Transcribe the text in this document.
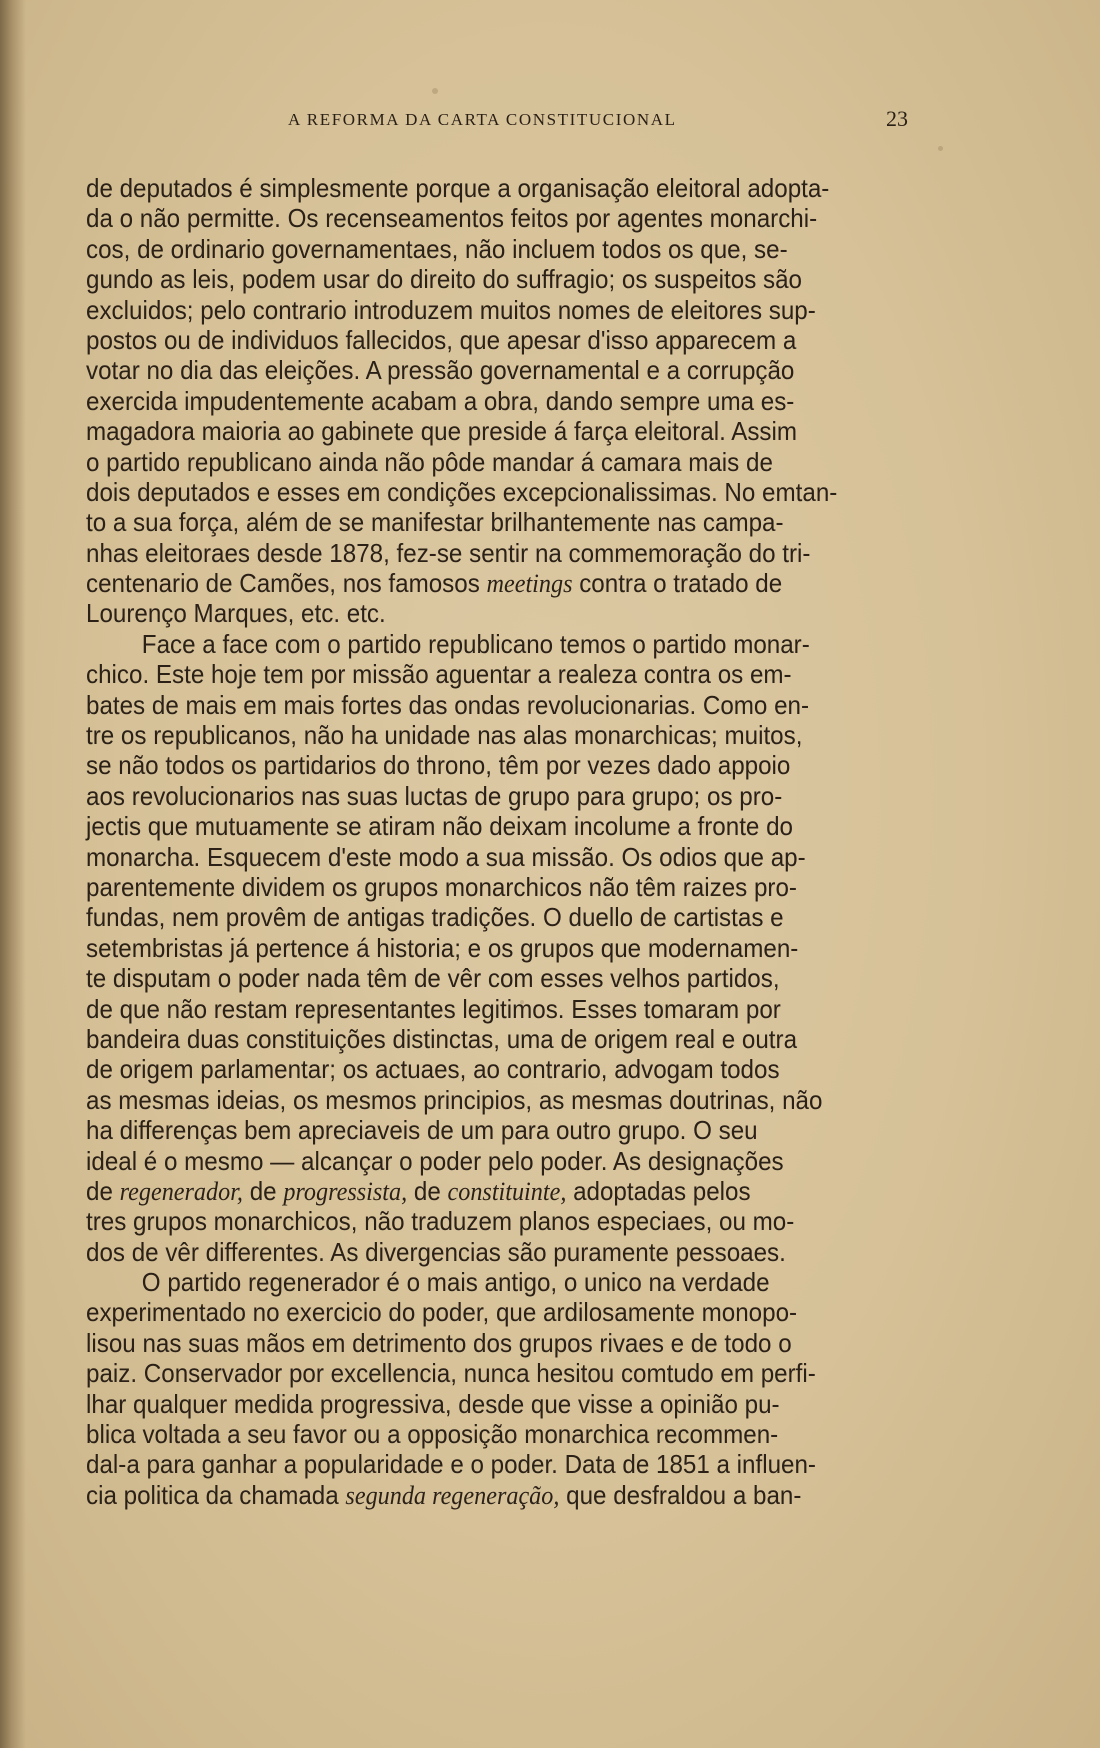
A REFORMA DA CARTA CONSTITUCIONAL	23
de deputados é simplesmente porque a organisação eleitoral adopta-
da o não permitte. Os recenseamentos feitos por agentes monarchi-
cos, de ordinario governamentaes, não incluem todos os que, se-
gundo as leis, podem usar do direito do suffragio; os suspeitos são
excluidos; pelo contrario introduzem muitos nomes de eleitores sup-
postos ou de individuos fallecidos, que apesar d'isso apparecem a
votar no dia das eleições. A pressão governamental e a corrupção
exercida impudentemente acabam a obra, dando sempre uma es-
magadora maioria ao gabinete que preside á farça eleitoral. Assim
o partido republicano ainda não pôde mandar á camara mais de
dois deputados e esses em condições excepcionalissimas. No emtan-
to a sua força, além de se manifestar brilhantemente nas campa-
nhas eleitoraes desde 1878, fez-se sentir na commemoração do tri-
centenario de Camões, nos famosos meetings contra o tratado de
Lourenço Marques, etc. etc.
Face a face com o partido republicano temos o partido monar-
chico. Este hoje tem por missão aguentar a realeza contra os em-
bates de mais em mais fortes das ondas revolucionarias. Como en-
tre os republicanos, não ha unidade nas alas monarchicas; muitos,
se não todos os partidarios do throno, têm por vezes dado appoio
aos revolucionarios nas suas luctas de grupo para grupo; os pro-
jectis que mutuamente se atiram não deixam incolume a fronte do
monarcha. Esquecem d'este modo a sua missão. Os odios que ap-
parentemente dividem os grupos monarchicos não têm raizes pro-
fundas, nem provêm de antigas tradições. O duello de cartistas e
setembristas já pertence á historia; e os grupos que modernamen-
te disputam o poder nada têm de vêr com esses velhos partidos,
de que não restam representantes legitimos. Esses tomaram por
bandeira duas constituições distinctas, uma de origem real e outra
de origem parlamentar; os actuaes, ao contrario, advogam todos
as mesmas ideias, os mesmos principios, as mesmas doutrinas, não
ha differenças bem apreciaveis de um para outro grupo. O seu
ideal é o mesmo — alcançar o poder pelo poder. As designações
de regenerador, de progressista, de constituinte, adoptadas pelos
tres grupos monarchicos, não traduzem planos especiaes, ou mo-
dos de vêr differentes. As divergencias são puramente pessoaes.
O partido regenerador é o mais antigo, o unico na verdade
experimentado no exercicio do poder, que ardilosamente monopo-
lisou nas suas mãos em detrimento dos grupos rivaes e de todo o
paiz. Conservador por excellencia, nunca hesitou comtudo em perfi-
lhar qualquer medida progressiva, desde que visse a opinião pu-
blica voltada a seu favor ou a opposição monarchica recommen-
dal-a para ganhar a popularidade e o poder. Data de 1851 a influen-
cia politica da chamada segunda regeneração, que desfraldou a ban-
